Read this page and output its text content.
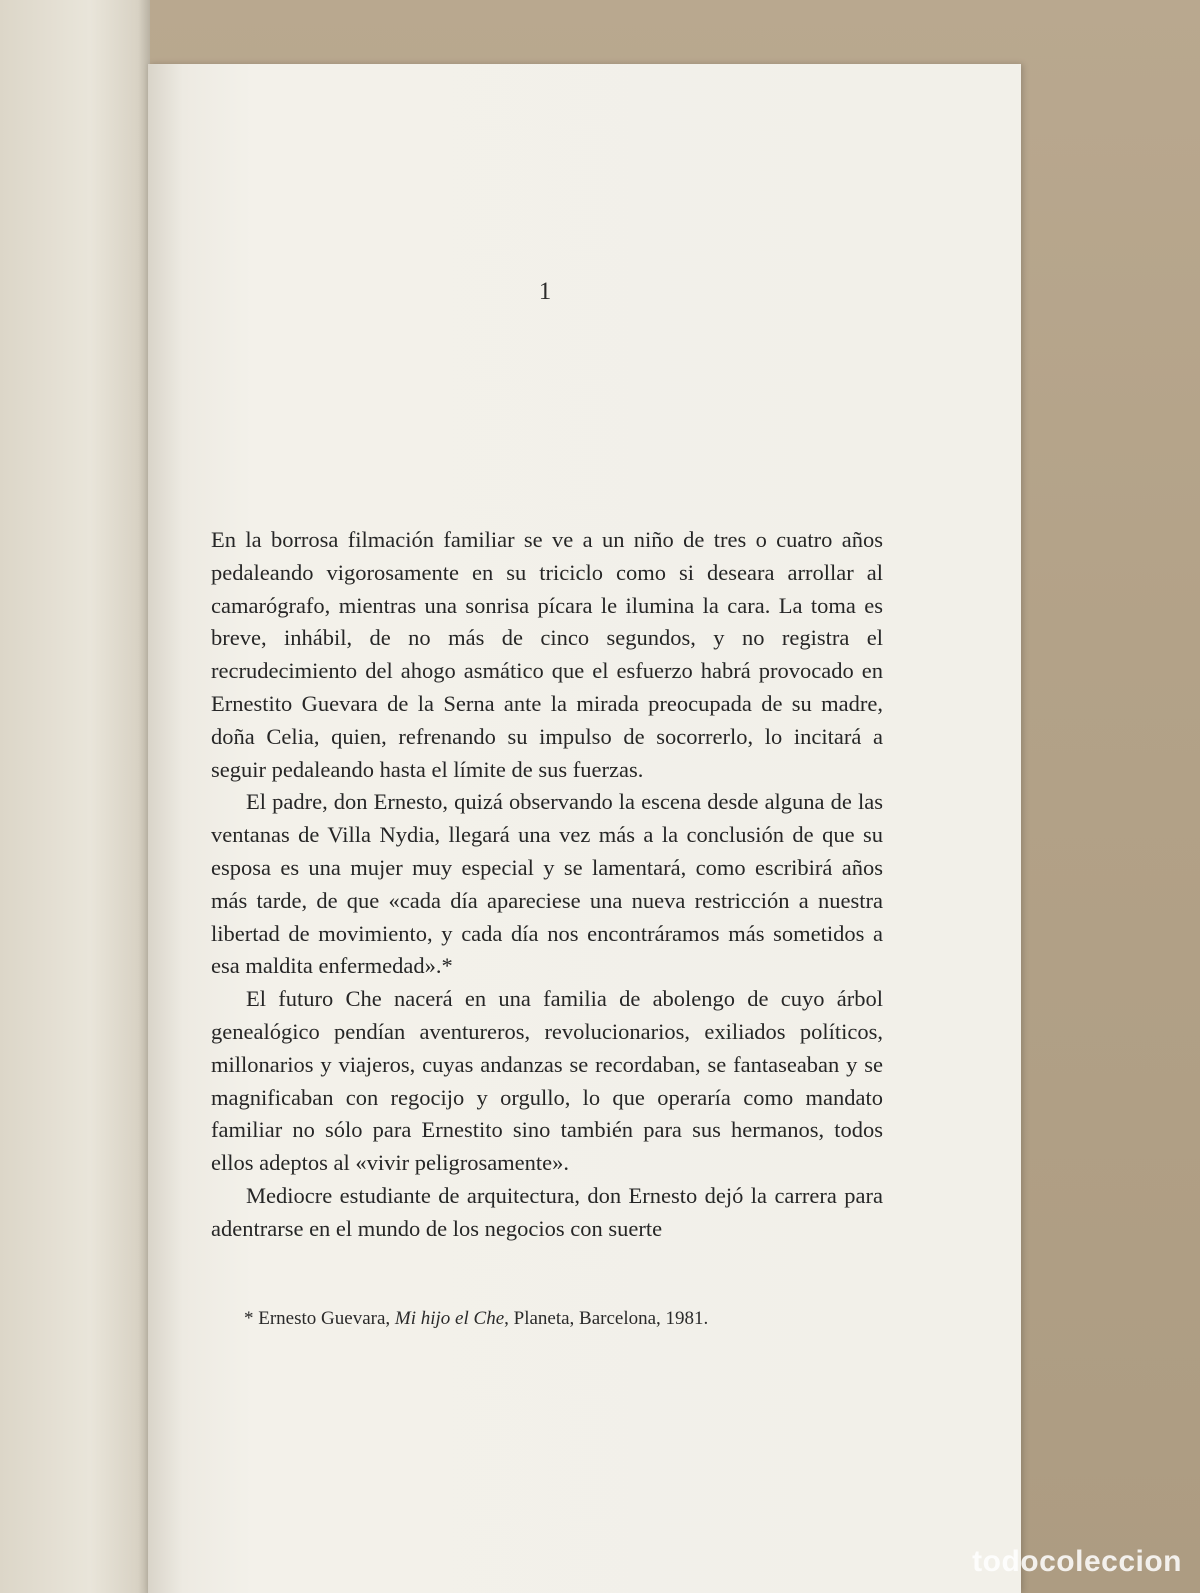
1

En la borrosa filmación familiar se ve a un niño de tres o cuatro años pedaleando vigorosamente en su triciclo como si deseara arrollar al camarógrafo, mientras una sonrisa pícara le ilumina la cara. La toma es breve, inhábil, de no más de cinco segundos, y no registra el recrudecimiento del ahogo asmático que el esfuerzo habrá provocado en Ernestito Guevara de la Serna ante la mirada preocupada de su madre, doña Celia, quien, refrenando su impulso de socorrerlo, lo incitará a seguir pedaleando hasta el límite de sus fuerzas.

El padre, don Ernesto, quizá observando la escena desde alguna de las ventanas de Villa Nydia, llegará una vez más a la conclusión de que su esposa es una mujer muy especial y se lamentará, como escribirá años más tarde, de que «cada día apareciese una nueva restricción a nuestra libertad de movimiento, y cada día nos encontráramos más sometidos a esa maldita enfermedad».*

El futuro Che nacerá en una familia de abolengo de cuyo árbol genealógico pendían aventureros, revolucionarios, exiliados políticos, millonarios y viajeros, cuyas andanzas se recordaban, se fantaseaban y se magnificaban con regocijo y orgullo, lo que operaría como mandato familiar no sólo para Ernestito sino también para sus hermanos, todos ellos adeptos al «vivir peligrosamente».

Mediocre estudiante de arquitectura, don Ernesto dejó la carrera para adentrarse en el mundo de los negocios con suerte

* Ernesto Guevara, Mi hijo el Che, Planeta, Barcelona, 1981.
todocoleccion
